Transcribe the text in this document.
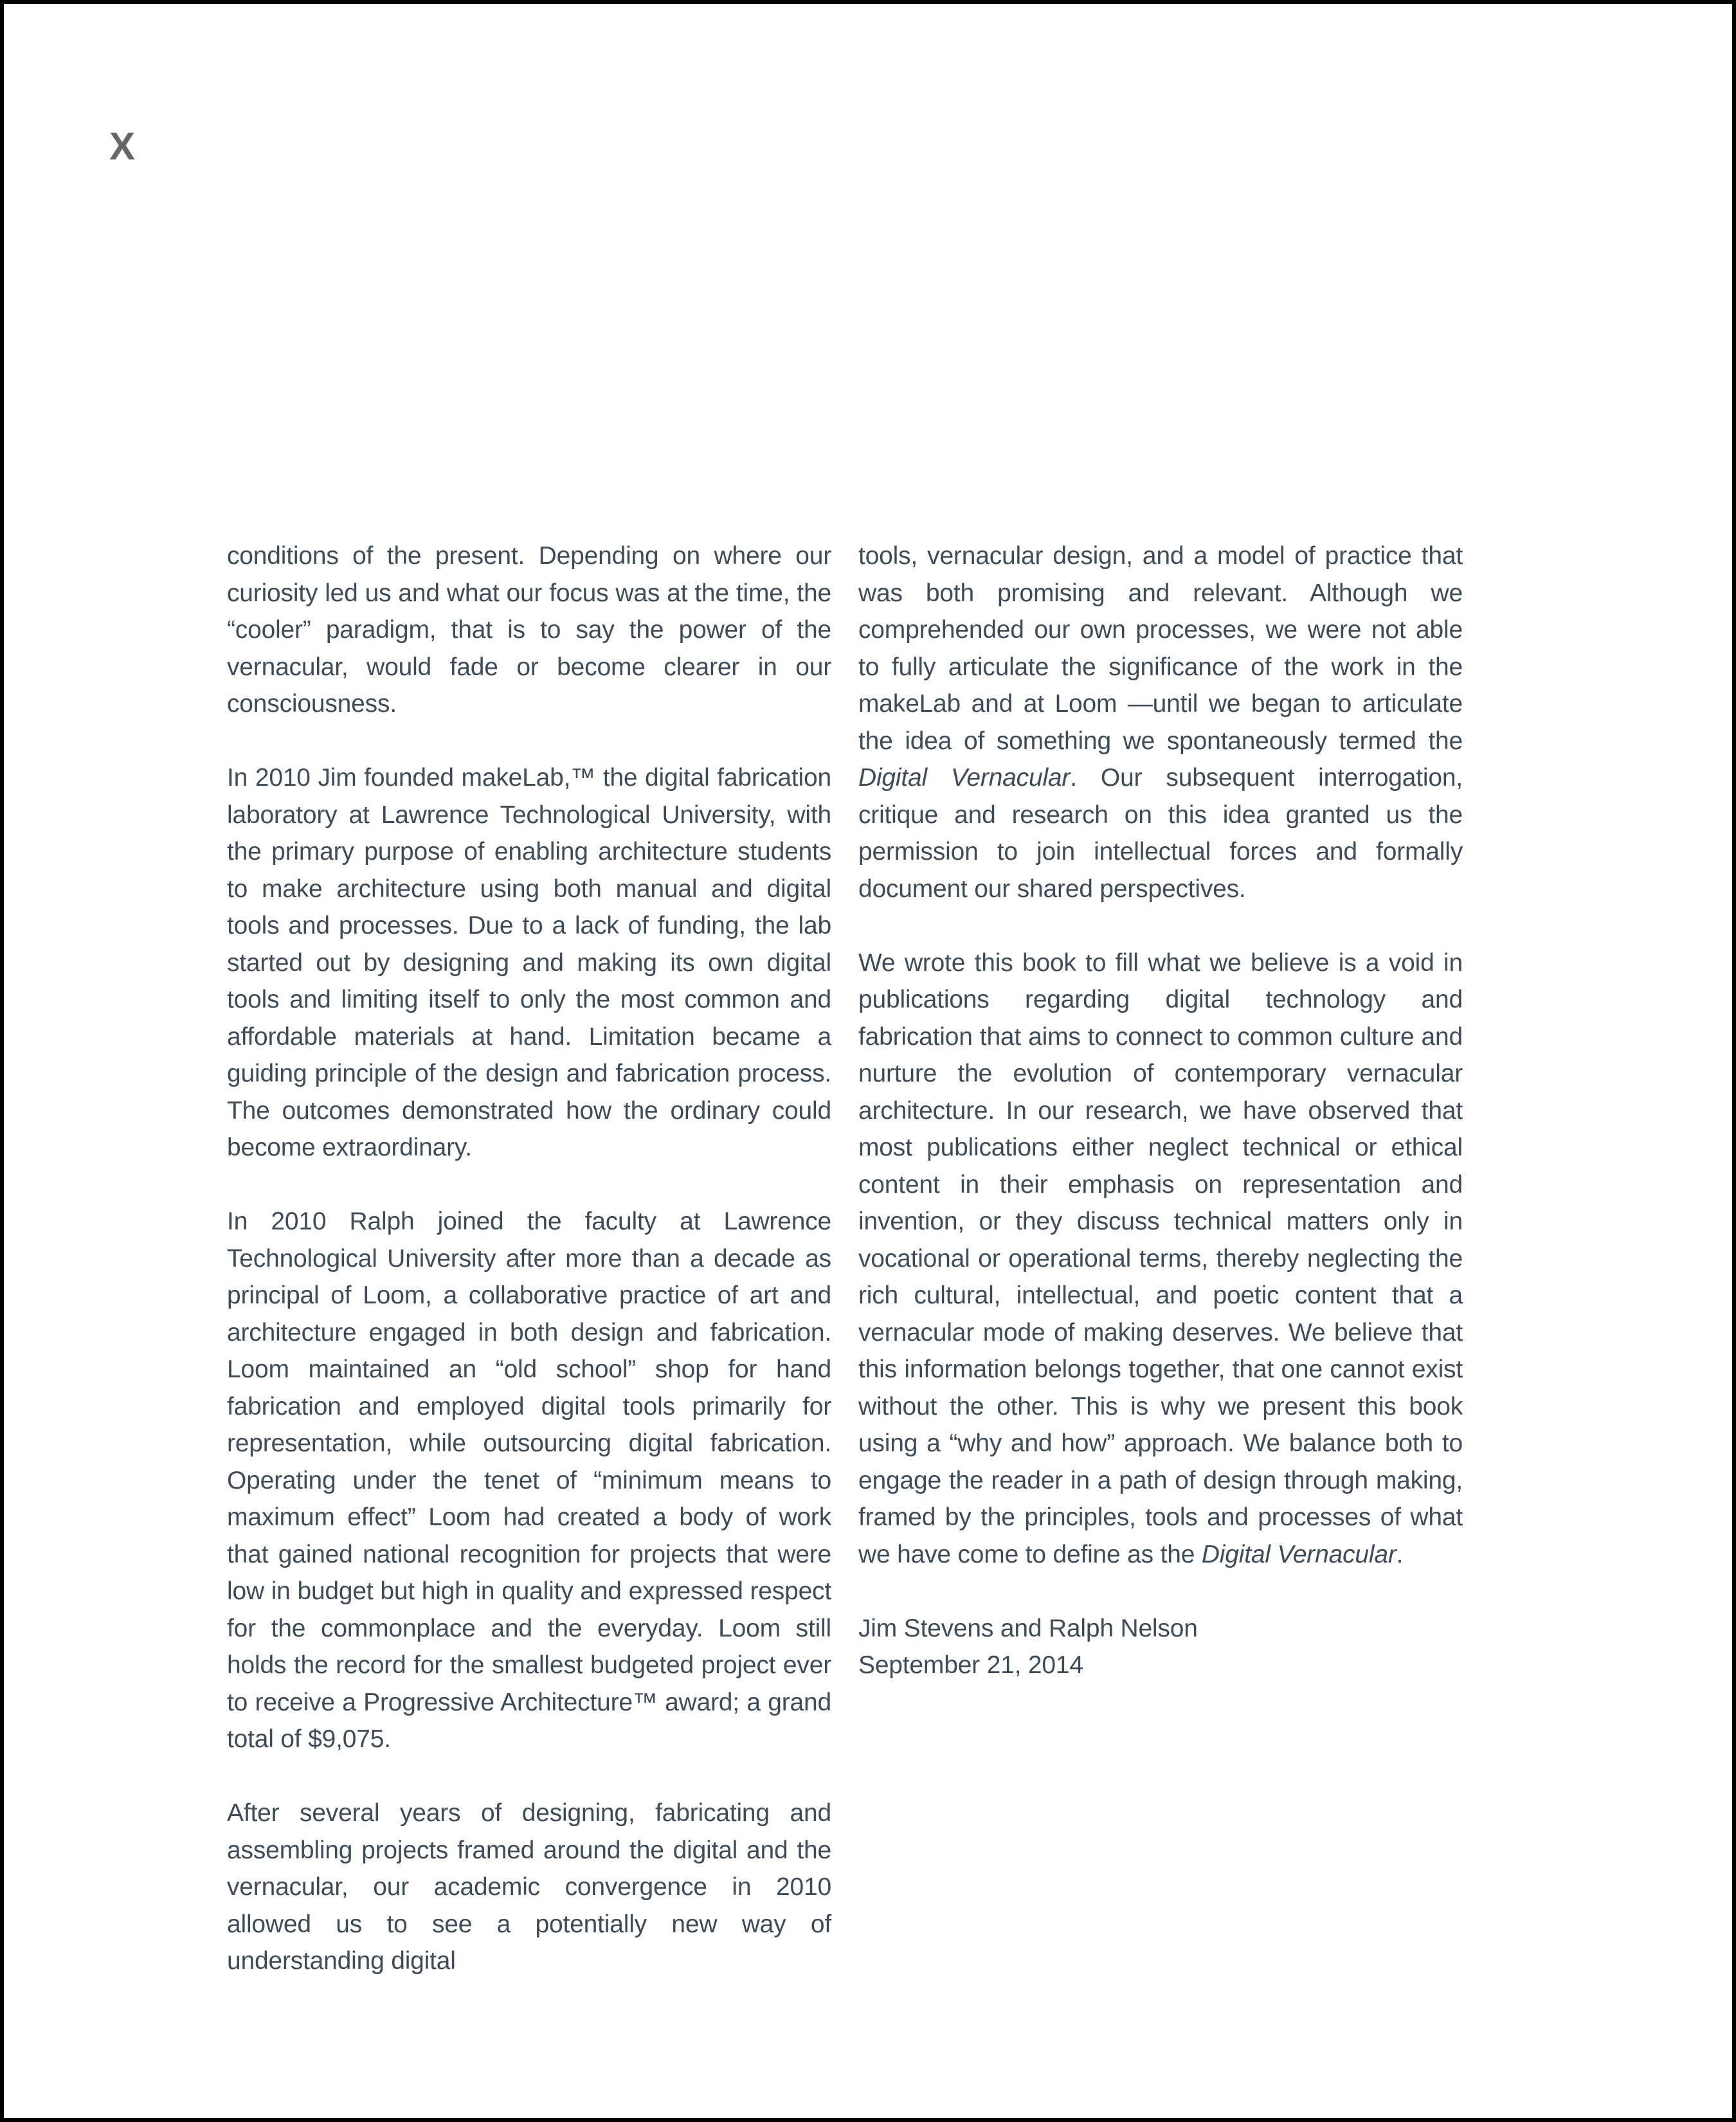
X

conditions of the present. Depending on where our curiosity led us and what our focus was at the time, the “cooler” paradigm, that is to say the power of the vernacular, would fade or become clearer in our consciousness.

In 2010 Jim founded makeLab,™ the digital fabrication laboratory at Lawrence Technological University, with the primary purpose of enabling architecture students to make architecture using both manual and digital tools and processes. Due to a lack of funding, the lab started out by designing and making its own digital tools and limiting itself to only the most common and affordable materials at hand. Limitation became a guiding principle of the design and fabrication process. The outcomes demonstrated how the ordinary could become extraordinary.

In 2010 Ralph joined the faculty at Lawrence Technological University after more than a decade as principal of Loom, a collaborative practice of art and architecture engaged in both design and fabrication. Loom maintained an “old school” shop for hand fabrication and employed digital tools primarily for representation, while outsourcing digital fabrication. Operating under the tenet of “minimum means to maximum effect” Loom had created a body of work that gained national recognition for projects that were low in budget but high in quality and expressed respect for the commonplace and the everyday. Loom still holds the record for the smallest budgeted project ever to receive a Progressive Architecture™ award; a grand total of $9,075.

After several years of designing, fabricating and assembling projects framed around the digital and the vernacular, our academic convergence in 2010 allowed us to see a potentially new way of understanding digital

tools, vernacular design, and a model of practice that was both promising and relevant. Although we comprehended our own processes, we were not able to fully articulate the significance of the work in the makeLab and at Loom —until we began to articulate the idea of something we spontaneously termed the Digital Vernacular. Our subsequent interrogation, critique and research on this idea granted us the permission to join intellectual forces and formally document our shared perspectives.

We wrote this book to fill what we believe is a void in publications regarding digital technology and fabrication that aims to connect to common culture and nurture the evolution of contemporary vernacular architecture. In our research, we have observed that most publications either neglect technical or ethical content in their emphasis on representation and invention, or they discuss technical matters only in vocational or operational terms, thereby neglecting the rich cultural, intellectual, and poetic content that a vernacular mode of making deserves. We believe that this information belongs together, that one cannot exist without the other. This is why we present this book using a “why and how” approach. We balance both to engage the reader in a path of design through making, framed by the principles, tools and processes of what we have come to define as the Digital Vernacular.

Jim Stevens and Ralph Nelson

September 21, 2014
